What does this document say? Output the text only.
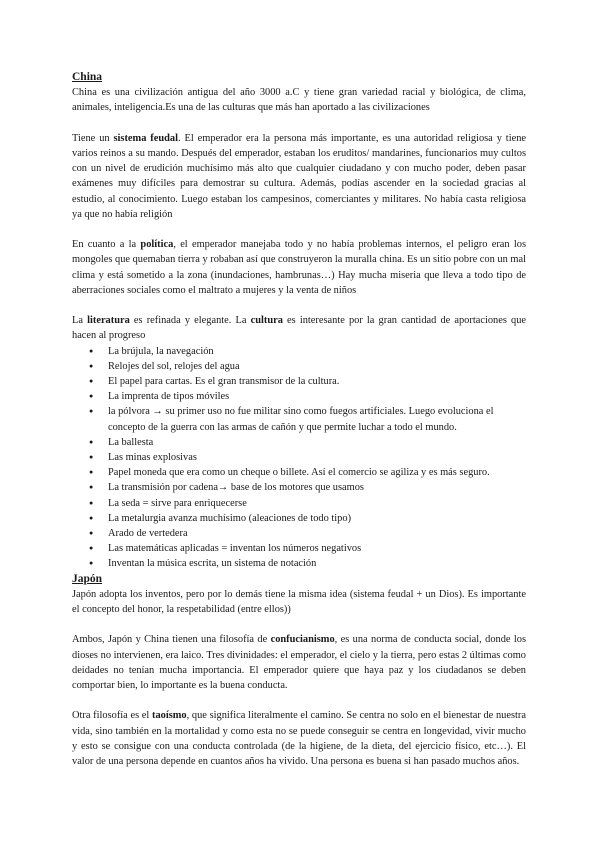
China

China es una civilización antigua del año 3000 a.C y tiene gran variedad racial y biológica, de clima, animales, inteligencia.Es una de las culturas que más han aportado a las civilizaciones

Tiene un sistema feudal. El emperador era la persona más importante, es una autoridad religiosa y tiene varios reinos a su mando. Después del emperador, estaban los eruditos/ mandarines, funcionarios muy cultos con un nivel de erudición muchísimo más alto que cualquier ciudadano y con mucho poder, deben pasar exámenes muy difíciles para demostrar su cultura. Además, podías ascender en la sociedad gracias al estudio, al conocimiento. Luego estaban los campesinos, comerciantes y militares. No había casta religiosa ya que no había religión

En cuanto a la política, el emperador manejaba todo y no había problemas internos, el peligro eran los mongoles que quemaban tierra y robaban así que construyeron la muralla china. Es un sitio pobre con un mal clima y está sometido a la zona (inundaciones, hambrunas…) Hay mucha miseria que lleva a todo tipo de aberraciones sociales como el maltrato a mujeres y la venta de niños

La literatura es refinada y elegante. La cultura es interesante por la gran cantidad de aportaciones que hacen al progreso

● La brújula, la navegación
● Relojes del sol, relojes del agua
● El papel para cartas. Es el gran transmisor de la cultura.
● La imprenta de tipos móviles
● la pólvora → su primer uso no fue militar sino como fuegos artificiales. Luego evoluciona el concepto de la guerra con las armas de cañón y que permite luchar a todo el mundo.
● La ballesta
● Las minas explosivas
● Papel moneda que era como un cheque o billete. Así el comercio se agiliza y es más seguro.
● La transmisión por cadena→ base de los motores que usamos
● La seda = sirve para enriquecerse
● La metalurgia avanza muchísimo (aleaciones de todo tipo)
● Arado de vertedera
● Las matemáticas aplicadas = inventan los números negativos
● Inventan la música escrita, un sistema de notación
Japón

Japón adopta los inventos, pero por lo demás tiene la misma idea (sistema feudal + un Dios). Es importante el concepto del honor, la respetabilidad (entre ellos))

Ambos, Japón y China tienen una filosofía de confucianismo, es una norma de conducta social, donde los dioses no intervienen, era laico. Tres divinidades: el emperador, el cielo y la tierra, pero estas 2 últimas como deidades no tenían mucha importancia. El emperador quiere que haya paz y los ciudadanos se deben comportar bien, lo importante es la buena conducta.

Otra filosofía es el taoísmo, que significa literalmente el camino. Se centra no solo en el bienestar de nuestra vida, sino también en la mortalidad y como esta no se puede conseguir se centra en longevidad, vivir mucho y esto se consigue con una conducta controlada (de la higiene, de la dieta, del ejercicio físico, etc…). El valor de una persona depende en cuantos años ha vivido. Una persona es buena si han pasado muchos años.
